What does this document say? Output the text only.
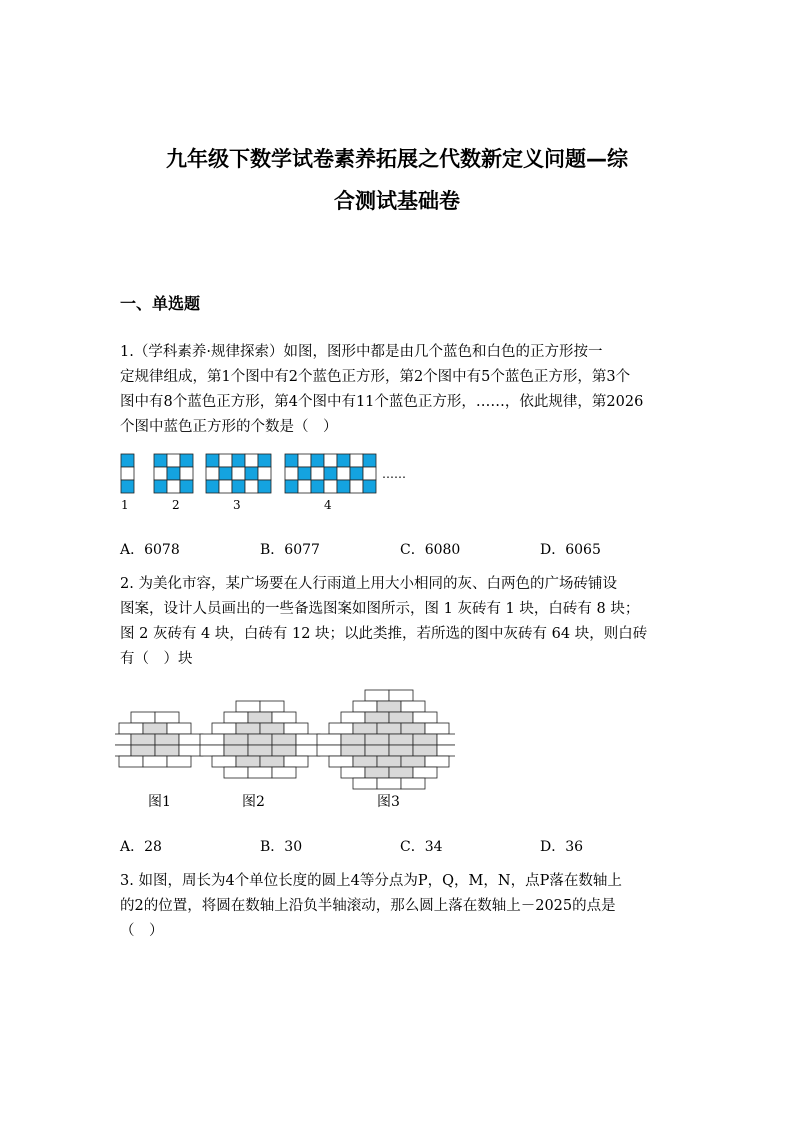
九年级下数学试卷素养拓展之代数新定义问题—综
合测试基础卷
一、单选题
1.（学科素养·规律探索）如图，图形中都是由几个蓝色和白色的正方形按一
定规律组成，第1个图中有2个蓝色正方形，第2个图中有5个蓝色正方形，第3个
图中有8个蓝色正方形，第4个图中有11个蓝色正方形，……，依此规律，第2026
个图中蓝色正方形的个数是（　）
1	2	3	4
……
A．6078	B．6077	C．6080	D．6065
2. 为美化市容，某广场要在人行雨道上用大小相同的灰、白两色的广场砖铺设
图案，设计人员画出的一些备选图案如图所示，图 1 灰砖有 1 块，白砖有 8 块；
图 2 灰砖有 4 块，白砖有 12 块；以此类推，若所选的图中灰砖有 64 块，则白砖
有（　）块
图1	图2	图3
A．28	B．30	C．34	D．36
3. 如图，周长为4个单位长度的圆上4等分点为P，Q，M，N，点P落在数轴上
的2的位置，将圆在数轴上沿负半轴滚动，那么圆上落在数轴上－2025的点是
（　）
